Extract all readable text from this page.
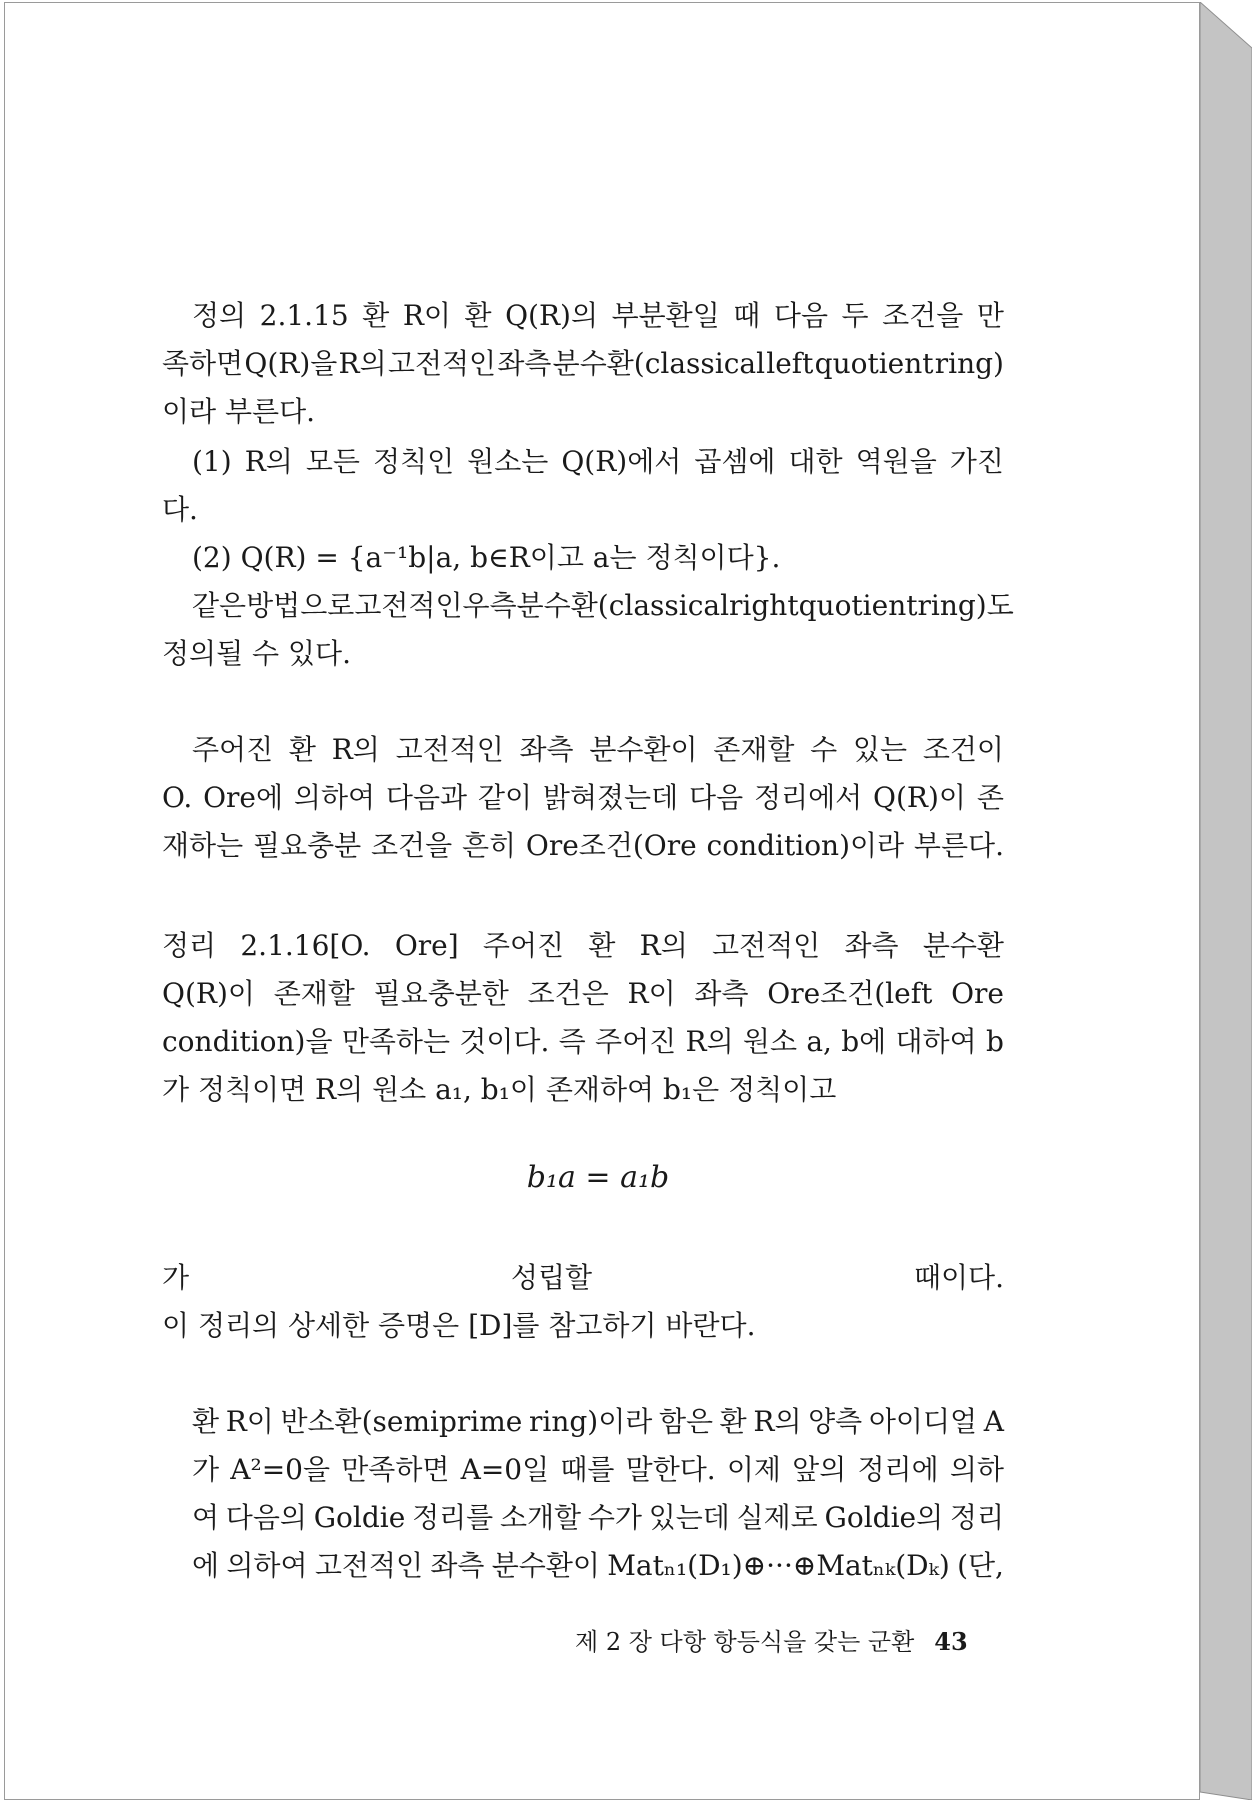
정의 2.1.15 환 R이 환 Q(R)의 부분환일 때 다음 두 조건을 만
족하면 Q(R)을 R의 고전적인 좌측 분수환(classical left quotient ring)
이라 부른다.
(1) R의 모든 정칙인 원소는 Q(R)에서 곱셈에 대한 역원을 가진
다.
(2) Q(R) = {a⁻¹b|a, b∈R이고 a는 정칙이다}.
같은 방법으로 고전적인 우측 분수환(classical right quotient ring)도
정의될 수 있다.
주어진 환 R의 고전적인 좌측 분수환이 존재할 수 있는 조건이
O. Ore에 의하여 다음과 같이 밝혀졌는데 다음 정리에서 Q(R)이 존
재하는 필요충분 조건을 흔히 Ore조건(Ore condition)이라 부른다.
정리 2.1.16[O. Ore] 주어진 환 R의 고전적인 좌측 분수환
Q(R)이 존재할 필요충분한 조건은 R이 좌측 Ore조건(left Ore
condition)을 만족하는 것이다. 즉 주어진 R의 원소 a, b에 대하여 b
가 정칙이면 R의 원소 a₁, b₁이 존재하여 b₁은 정칙이고
가	성립할	때이다.
이 정리의 상세한 증명은 [D]를 참고하기 바란다.
환 R이 반소환(semiprime ring)이라 함은 환 R의 양측 아이디얼 A
가 A²=0을 만족하면 A=0일 때를 말한다. 이제 앞의 정리에 의하
여 다음의 Goldie 정리를 소개할 수가 있는데 실제로 Goldie의 정리
에 의하여 고전적인 좌측 분수환이 Matₙ₁(D₁)⊕···⊕Matₙₖ(Dₖ) (단,
b₁a = a₁b
제 2 장 다항 항등식을 갖는 군환 43
